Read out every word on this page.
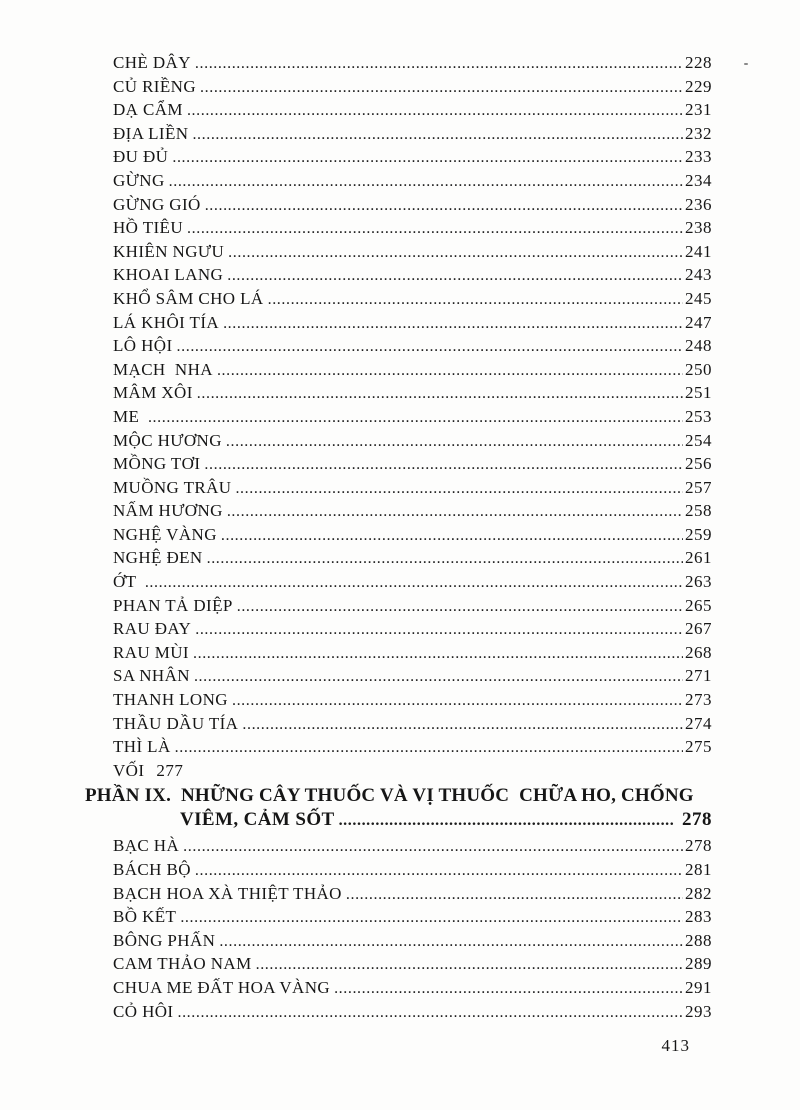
CHÈ DÂY .....	228
CỦ RIỀNG .....	229
DẠ CẨM .....	231
ĐỊA LIỀN .....	232
ĐU ĐỦ .....	233
GỪNG .....	234
GỪNG GIÓ .....	236
HỒ TIÊU .....	238
KHIÊN NGƯU .....	241
KHOAI LANG .....	243
KHỔ SÂM CHO LÁ .....	245
LÁ KHÔI TÍA .....	247
LÔ HỘI .....	248
MẠCH  NHA .....	250
MÂM XÔI .....	251
ME .....	253
MỘC HƯƠNG .....	254
MỒNG TƠI .....	256
MUỒNG TRÂU .....	257
NẤM HƯƠNG .....	258
NGHỆ VÀNG .....	259
NGHỆ ĐEN .....	261
ỚT .....	263
PHAN TẢ DIỆP .....	265
RAU ĐAY .....	267
RAU MÙI .....	268
SA NHÂN .....	271
THANH LONG .....	273
THẦU DẦU TÍA .....	274
THÌ LÀ .....	275
VỐI 277
PHẦN IX.  NHỮNG CÂY THUỐC VÀ VỊ THUỐC  CHỮA HO, CHỐNG
VIÊM, CẢM SỐT .....	278
BẠC HÀ .....	278
BÁCH BỘ .....	281
BẠCH HOA XÀ THIỆT THẢO .....	282
BỒ KẾT .....	283
BÔNG PHẤN .....	288
CAM THẢO NAM .....	289
CHUA ME ĐẤT HOA VÀNG .....	291
CỎ HÔI .....	293
413
